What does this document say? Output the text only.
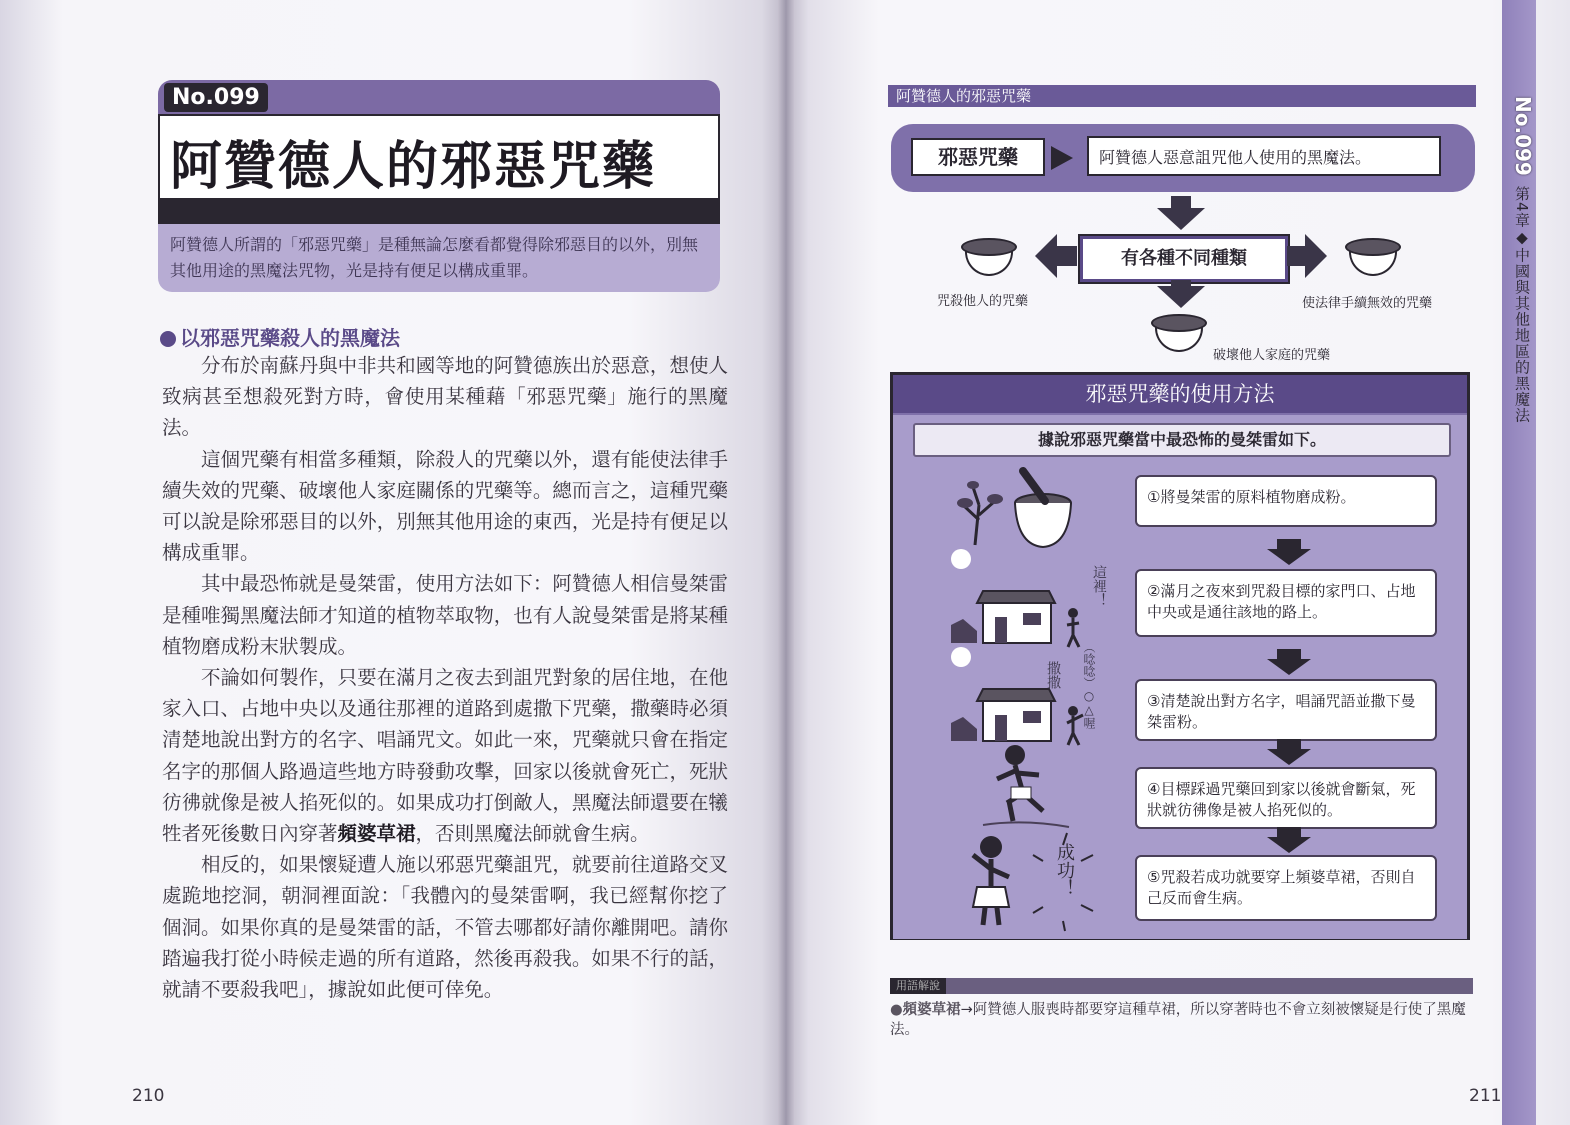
No.099
阿贊德人的邪惡咒藥
阿贊德人所謂的「邪惡咒藥」是種無論怎麼看都覺得除邪惡目的以外，別無其他用途的黑魔法咒物，光是持有便足以構成重罪。
以邪惡咒藥殺人的黑魔法

分布於南蘇丹與中非共和國等地的阿贊德族出於惡意，想使人致病甚至想殺死對方時，會使用某種藉「邪惡咒藥」施行的黑魔法。

這個咒藥有相當多種類，除殺人的咒藥以外，還有能使法律手續失效的咒藥、破壞他人家庭關係的咒藥等。總而言之，這種咒藥可以說是除邪惡目的以外，別無其他用途的東西，光是持有便足以構成重罪。

其中最恐怖就是曼桀雷，使用方法如下：阿贊德人相信曼桀雷是種唯獨黑魔法師才知道的植物萃取物，也有人說曼桀雷是將某種植物磨成粉末狀製成。

不論如何製作，只要在滿月之夜去到詛咒對象的居住地，在他家入口、占地中央以及通往那裡的道路到處撒下咒藥，撒藥時必須清楚地說出對方的名字、唱誦咒文。如此一來，咒藥就只會在指定名字的那個人路過這些地方時發動攻擊，回家以後就會死亡，死狀彷彿就像是被人掐死似的。如果成功打倒敵人，黑魔法師還要在犧牲者死後數日內穿著頻婆草裙，否則黑魔法師就會生病。

相反的，如果懷疑遭人施以邪惡咒藥詛咒，就要前往道路交叉處跪地挖洞，朝洞裡面說：「我體內的曼桀雷啊，我已經幫你挖了個洞。如果你真的是曼桀雷的話，不管去哪都好請你離開吧。請你踏遍我打從小時候走過的所有道路，然後再殺我。如果不行的話，就請不要殺我吧」，據說如此便可倖免。

210
阿贊德人的邪惡咒藥
邪惡咒藥	阿贊德人惡意詛咒他人使用的黑魔法。
有各種不同種類
咒殺他人的咒藥	使法律手續無效的咒藥
破壞他人家庭的咒藥
邪惡咒藥的使用方法
據說邪惡咒藥當中最恐怖的曼桀雷如下。
這裡！
撒撒 （唸唸）○△喔
成功！
①將曼桀雷的原料植物磨成粉。
②滿月之夜來到咒殺目標的家門口、占地中央或是通往該地的路上。
③清楚說出對方名字，唱誦咒語並撒下曼桀雷粉。
④目標踩過咒藥回到家以後就會斷氣，死狀就彷彿像是被人掐死似的。
⑤咒殺若成功就要穿上頻婆草裙，否則自己反而會生病。
用語解說
●頻婆草裙→阿贊德人服喪時都要穿這種草裙，所以穿著時也不會立刻被懷疑是行使了黑魔法。
211
No.099
第4章◆中國與其他地區的黑魔法
